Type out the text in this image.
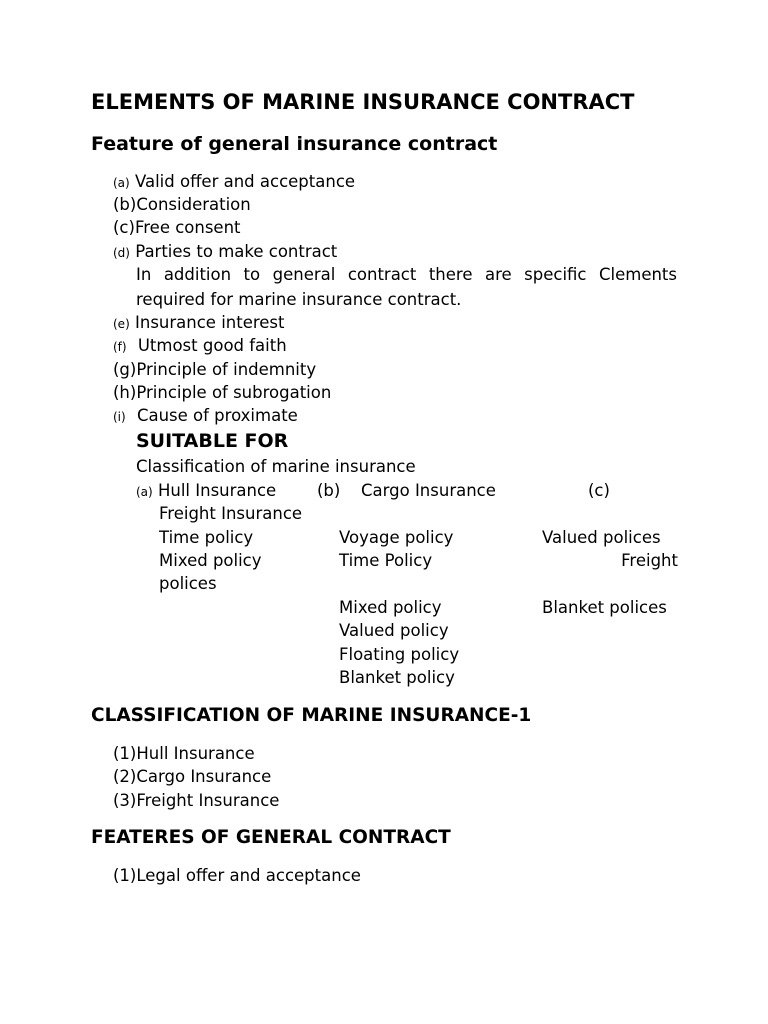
ELEMENTS OF MARINE INSURANCE CONTRACT
Feature of general insurance contract
(a) Valid offer and acceptance
(b)Consideration
(c)Free consent
(d) Parties to make contract
In addition to general contract there are specific Clements
required for marine insurance contract.
(e) Insurance interest
(f) Utmost good faith
(g)Principle of indemnity
(h)Principle of subrogation
(i) Cause of proximate
SUITABLE FOR
Classification of marine insurance
(a) Hull Insurance (b) Cargo Insurance	(c)
Freight Insurance
Time policy
Mixed policy
polices
Voyage policy
Time Policy
Mixed policy
Valued policy
Floating policy
Blanket policy
Valued polices
Freight
Blanket polices
CLASSIFICATION OF MARINE INSURANCE-1
(1)Hull Insurance
(2)Cargo Insurance
(3)Freight Insurance
FEATERES OF GENERAL CONTRACT
(1)Legal offer and acceptance
